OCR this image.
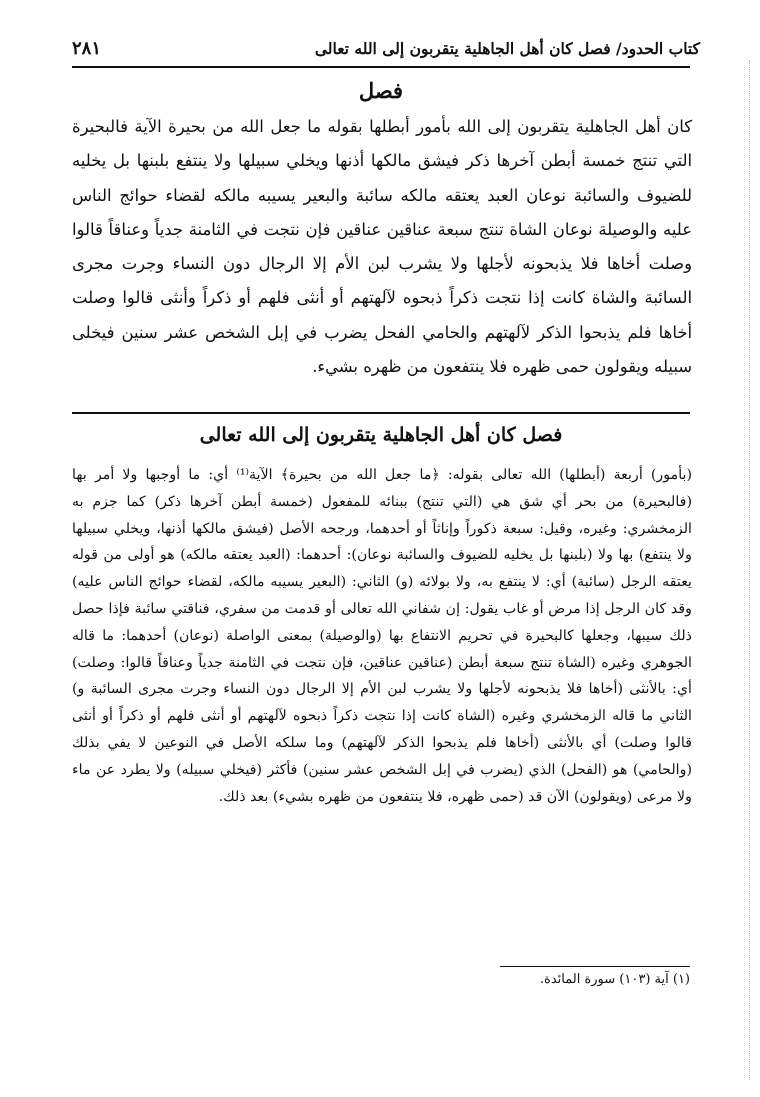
كتاب الحدود/ فصل كان أهل الجاهلية يتقربون إلى الله تعالى
٢٨١
فصل

كان أهل الجاهلية يتقربون إلى الله بأمور أبطلها بقوله ما جعل الله من بحيرة الآية فالبحيرة التي تنتج خمسة أبطن آخرها ذكر فيشق مالكها أذنها ويخلي سبيلها ولا ينتفع بلبنها بل يخليه للضيوف والسائبة نوعان العبد يعتقه مالكه سائبة والبعير يسيبه مالكه لقضاء حوائج الناس عليه والوصيلة نوعان الشاة تنتج سبعة عناقين عناقين فإن نتجت في الثامنة جدياً وعناقاً قالوا وصلت أخاها فلا يذبحونه لأجلها ولا يشرب لبن الأم إلا الرجال دون النساء وجرت مجرى السائبة والشاة كانت إذا نتجت ذكراً ذبحوه لآلهتهم أو أنثى فلهم أو ذكراً وأنثى قالوا وصلت أخاها فلم يذبحوا الذكر لآلهتهم والحامي الفحل يضرب في إبل الشخص عشر سنين فيخلى سبيله ويقولون حمى ظهره فلا ينتفعون من ظهره بشيء.

فصل كان أهل الجاهلية يتقربون إلى الله تعالى

(بأمور) أربعة (أبطلها) الله تعالى بقوله: ﴿ما جعل الله من بحيرة﴾ الآية⁽¹⁾ أي: ما أوجبها ولا أمر بها (فالبحيرة) من بحر أي شق هي (التي تنتج) ببنائه للمفعول (خمسة أبطن آخرها ذكر) كما جزم به الزمخشري: وغيره، وقيل: سبعة ذكوراً وإناثاً أو أحدهما، ورجحه الأصل (فيشق مالكها أذنها، ويخلي سبيلها ولا ينتفع) بها ولا (بلبنها بل يخليه للضيوف والسائبة نوعان): أحدهما: (العبد يعتقه مالكه) هو أولى من قوله يعتقه الرجل (سائبة) أي: لا ينتفع به، ولا بولائه (و) الثاني: (البعير يسيبه مالكه، لقضاء حوائج الناس عليه) وقد كان الرجل إذا مرض أو غاب يقول: إن شفاني الله تعالى أو قدمت من سفري، فناقتي سائبة فإذا حصل ذلك سيبها، وجعلها كالبحيرة في تحريم الانتفاع بها (والوصيلة) بمعنى الواصلة (نوعان) أحدهما: ما قاله الجوهري وغيره (الشاة تنتج سبعة أبطن (عناقين عناقين، فإن نتجت في الثامنة جدياً وعناقاً قالوا: وصلت) أي: بالأنثى (أخاها فلا يذبحونه لأجلها ولا يشرب لبن الأم إلا الرجال دون النساء وجرت مجرى السائبة و) الثاني ما قاله الزمخشري وغيره (الشاة كانت إذا نتجت ذكراً ذبحوه لآلهتهم أو أنثى فلهم أو ذكراً أو أنثى قالوا وصلت) أي بالأنثى (أخاها فلم يذبحوا الذكر لآلهتهم) وما سلكه الأصل في النوعين لا يفي بذلك (والحامي) هو (الفحل) الذي (يضرب في إبل الشخص عشر سنين) فأكثر (فيخلي سبيله) ولا يطرد عن ماء ولا مرعى (ويقولون) الآن قد (حمى ظهره، فلا ينتفعون من ظهره بشيء) بعد ذلك.

(١) آية (١٠٣) سورة المائدة.
